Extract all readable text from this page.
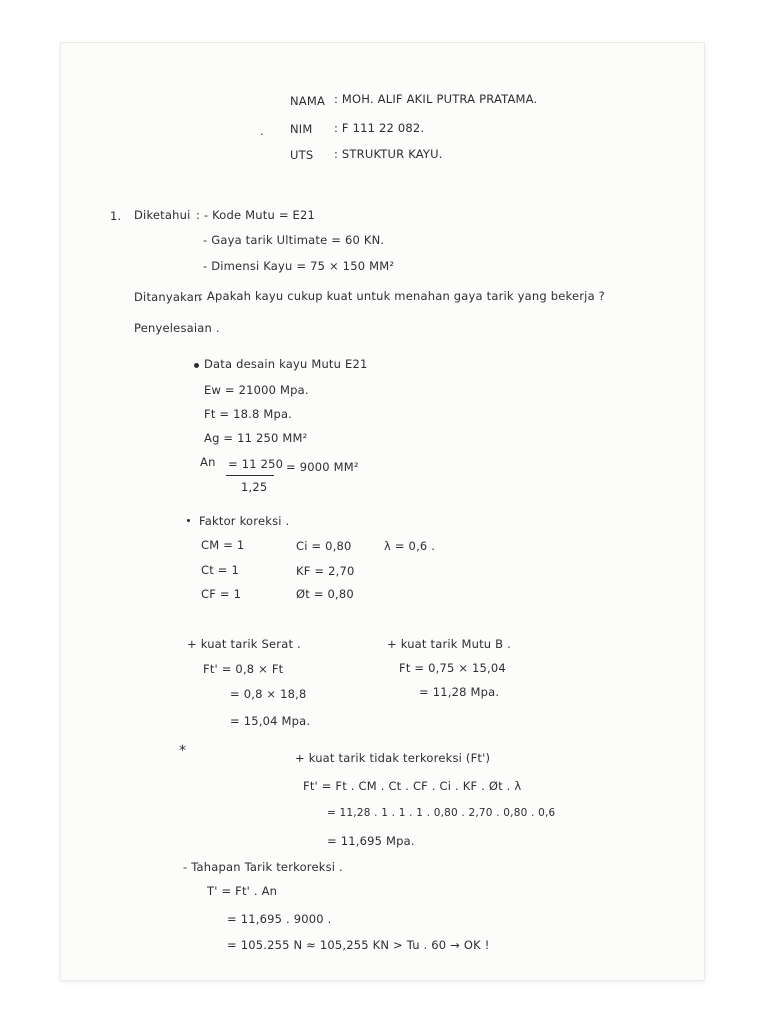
NAMA : MOH. ALIF AKIL PUTRA PRATAMA.
. NIM : F 111 22 082.
UTS : STRUKTUR KAYU.
1. Diketahui : - Kode Mutu = E21
- Gaya tarik Ultimate = 60 KN.
- Dimensi Kayu = 75 × 150 MM²
Ditanyakan
: Apakah kayu cukup kuat untuk menahan gaya tarik yang bekerja ?
Penyelesaian .
Data desain kayu Mutu E21
Ew = 21000 Mpa.
Ft = 18.8 Mpa.
Ag = 11 250 MM²
An = 11 250
1,25
= 9000 MM²
Faktor koreksi .
CM = 1	Ci = 0,80	λ = 0,6 .
Ct = 1	KF = 2,70
CF = 1	Øt = 0,80
+ kuat tarik Serat .
Ft' = 0,8 × Ft
= 0,8 × 18,8
= 15,04 Mpa.
+ kuat tarik Mutu B .
Ft = 0,75 × 15,04
= 11,28 Mpa.
*	+ kuat tarik tidak terkoreksi (Ft')
Ft' = Ft . CM . Ct . CF . Ci . KF . Øt . λ
= 11,28 . 1 . 1 . 1 . 0,80 . 2,70 . 0,80 . 0,6
= 11,695 Mpa.
- Tahapan Tarik terkoreksi .
T' = Ft' . An
= 11,695 . 9000 .
= 105.255 N ≈ 105,255 KN > Tu . 60 → OK !
